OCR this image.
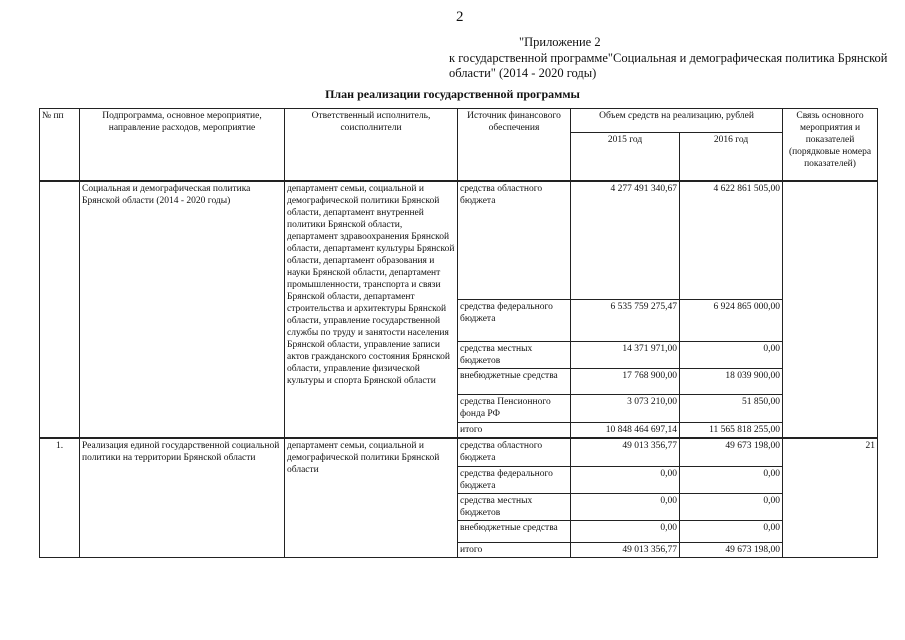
2
"Приложение 2
к государственной программе"Социальная и демографическая политика Брянской области" (2014 - 2020 годы)
План реализации государственной программы
№ пп	Подпрограмма, основное мероприятие, направление расходов, мероприятие	Ответственный исполнитель, соисполнители	Источник финансового обеспечения	Объем средств на реализацию, рублей		Связь основного мероприятия и показателей (порядковые номера показателей)
				2015 год	2016 год	
	Социальная и демографическая политика Брянской области (2014 - 2020 годы)	департамент семьи, социальной и демографической политики Брянской области, департамент внутренней политики Брянской области, департамент здравоохранения Брянской области, департамент культуры Брянской области, департамент образования и науки Брянской области, департамент промышленности, транспорта и связи Брянской области, департамент строительства и архитектуры Брянской области, управление государственной службы по труду и занятости населения Брянской области, управление записи актов гражданского состояния Брянской области, управление физической культуры и спорта Брянской области	средства областного бюджета	4 277 491 340,67	4 622 861 505,00	
			средства федерального бюджета	6 535 759 275,47	6 924 865 000,00	
			средства местных бюджетов	14 371 971,00	0,00	
			внебюджетные средства	17 768 900,00	18 039 900,00	
			средства Пенсионного фонда РФ	3 073 210,00	51 850,00	
			итого	10 848 464 697,14	11 565 818 255,00	
1.	Реализация единой государственной социальной политики на территории Брянской области	департамент семьи, социальной и демографической политики Брянской области	средства областного бюджета	49 013 356,77	49 673 198,00	21
			средства федерального бюджета	0,00	0,00	
			средства местных бюджетов	0,00	0,00	
			внебюджетные средства	0,00	0,00	
			итого	49 013 356,77	49 673 198,00	
